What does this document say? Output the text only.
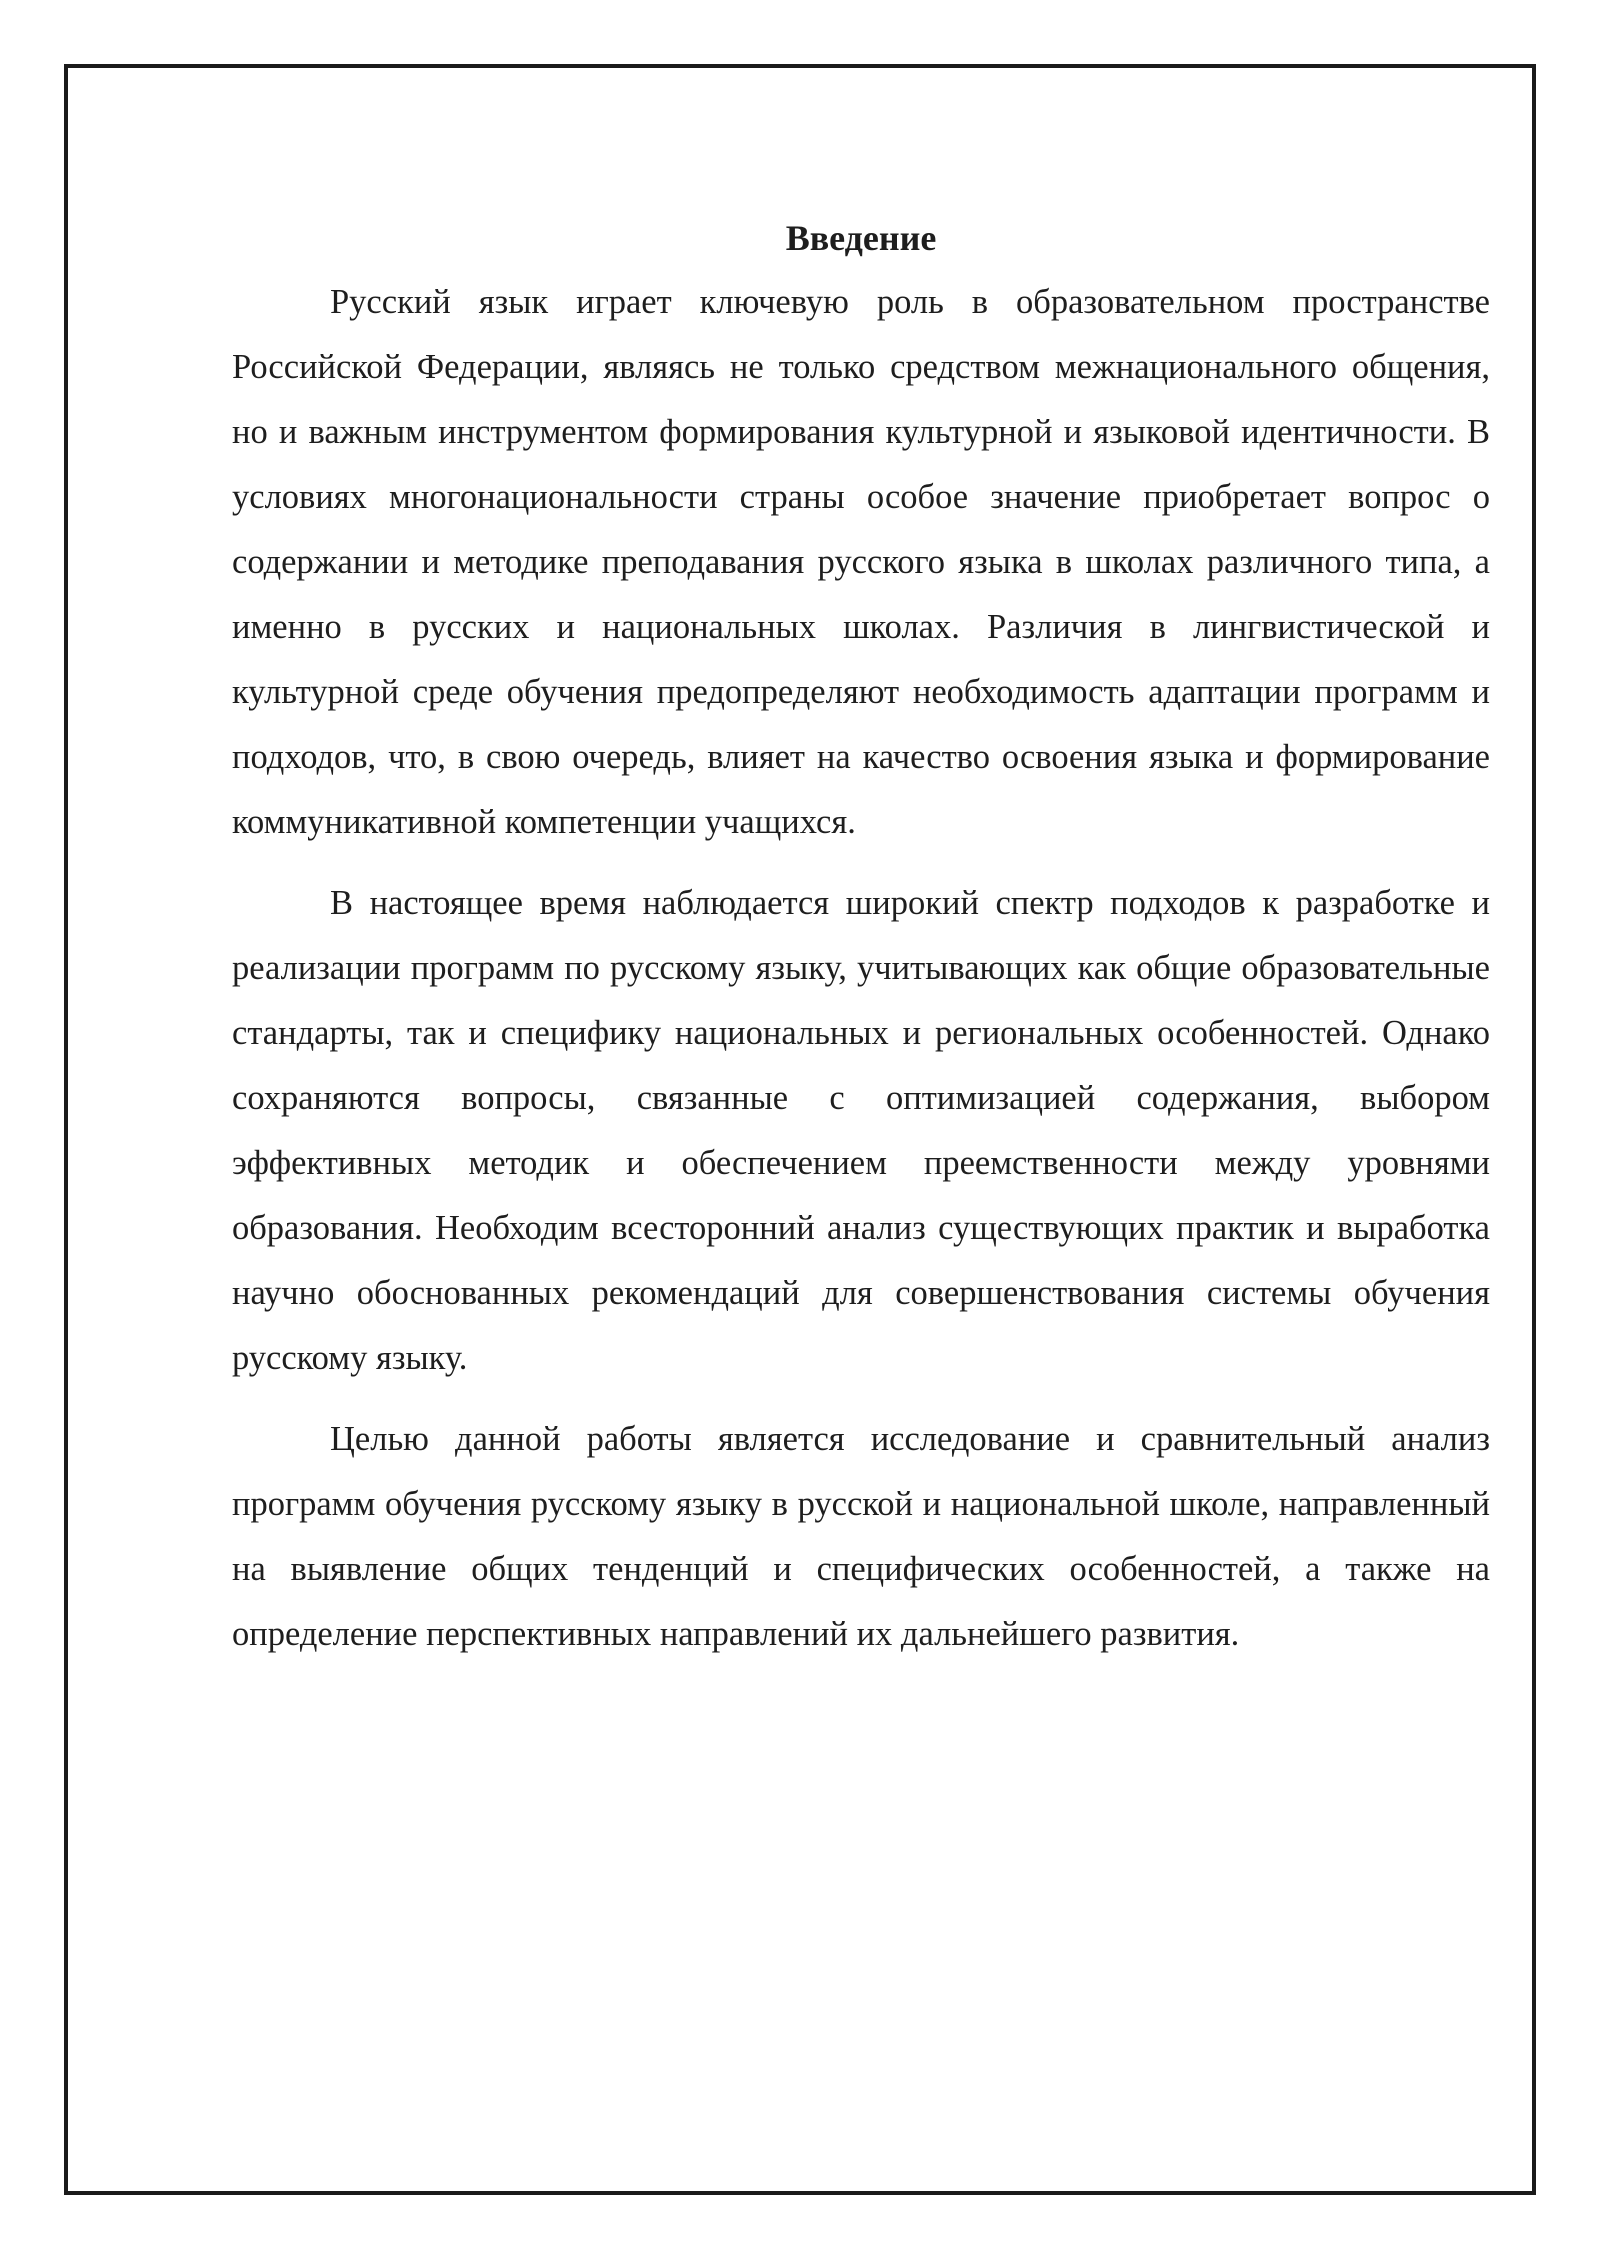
Введение

Русский язык играет ключевую роль в образовательном пространстве Российской Федерации, являясь не только средством межнационального общения, но и важным инструментом формирования культурной и языковой идентичности. В условиях многонациональности страны особое значение приобретает вопрос о содержании и методике преподавания русского языка в школах различного типа, а именно в русских и национальных школах. Различия в лингвистической и культурной среде обучения предопределяют необходимость адаптации программ и подходов, что, в свою очередь, влияет на качество освоения языка и формирование коммуникативной компетенции учащихся.

В настоящее время наблюдается широкий спектр подходов к разработке и реализации программ по русскому языку, учитывающих как общие образовательные стандарты, так и специфику национальных и региональных особенностей. Однако сохраняются вопросы, связанные с оптимизацией содержания, выбором эффективных методик и обеспечением преемственности между уровнями образования. Необходим всесторонний анализ существующих практик и выработка научно обоснованных рекомендаций для совершенствования системы обучения русскому языку.

Целью данной работы является исследование и сравнительный анализ программ обучения русскому языку в русской и национальной школе, направленный на выявление общих тенденций и специфических особенностей, а также на определение перспективных направлений их дальнейшего развития.
